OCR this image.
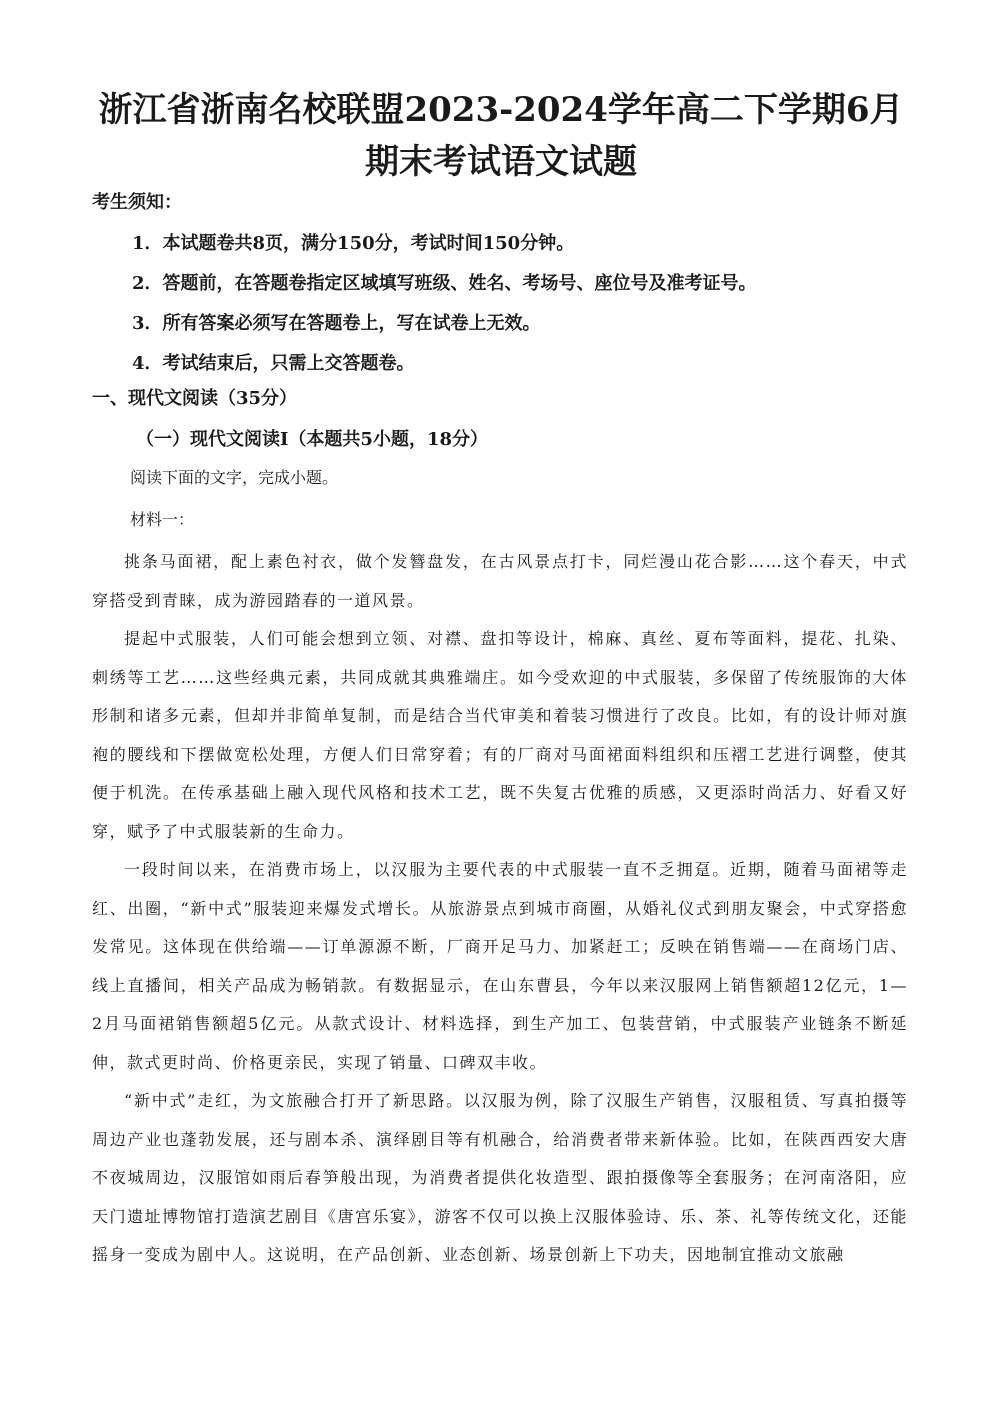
浙江省浙南名校联盟2023-2024学年高二下学期6月期末考试语文试题

考生须知：

1．本试题卷共8页，满分150分，考试时间150分钟。
2．答题前，在答题卷指定区域填写班级、姓名、考场号、座位号及准考证号。
3．所有答案必须写在答题卷上，写在试卷上无效。
4．考试结束后，只需上交答题卷。

一、现代文阅读（35分）

（一）现代文阅读Ⅰ（本题共5小题，18分）

阅读下面的文字，完成小题。

材料一：

挑条马面裙，配上素色衬衣，做个发簪盘发，在古风景点打卡，同烂漫山花合影……这个春天，中式穿搭受到青睐，成为游园踏春的一道风景。

提起中式服装，人们可能会想到立领、对襟、盘扣等设计，棉麻、真丝、夏布等面料，提花、扎染、刺绣等工艺……这些经典元素，共同成就其典雅端庄。如今受欢迎的中式服装，多保留了传统服饰的大体形制和诸多元素，但却并非简单复制，而是结合当代审美和着装习惯进行了改良。比如，有的设计师对旗袍的腰线和下摆做宽松处理，方便人们日常穿着；有的厂商对马面裙面料组织和压褶工艺进行调整，使其便于机洗。在传承基础上融入现代风格和技术工艺，既不失复古优雅的质感，又更添时尚活力、好看又好穿，赋予了中式服装新的生命力。

一段时间以来，在消费市场上，以汉服为主要代表的中式服装一直不乏拥趸。近期，随着马面裙等走红、出圈，“新中式”服装迎来爆发式增长。从旅游景点到城市商圈，从婚礼仪式到朋友聚会，中式穿搭愈发常见。这体现在供给端——订单源源不断，厂商开足马力、加紧赶工；反映在销售端——在商场门店、线上直播间，相关产品成为畅销款。有数据显示，在山东曹县，今年以来汉服网上销售额超12亿元，1—2月马面裙销售额超5亿元。从款式设计、材料选择，到生产加工、包装营销，中式服装产业链条不断延伸，款式更时尚、价格更亲民，实现了销量、口碑双丰收。

“新中式”走红，为文旅融合打开了新思路。以汉服为例，除了汉服生产销售，汉服租赁、写真拍摄等周边产业也蓬勃发展，还与剧本杀、演绎剧目等有机融合，给消费者带来新体验。比如，在陕西西安大唐不夜城周边，汉服馆如雨后春笋般出现，为消费者提供化妆造型、跟拍摄像等全套服务；在河南洛阳，应天门遗址博物馆打造演艺剧目《唐宫乐宴》，游客不仅可以换上汉服体验诗、乐、茶、礼等传统文化，还能摇身一变成为剧中人。这说明，在产品创新、业态创新、场景创新上下功夫，因地制宜推动文旅融
